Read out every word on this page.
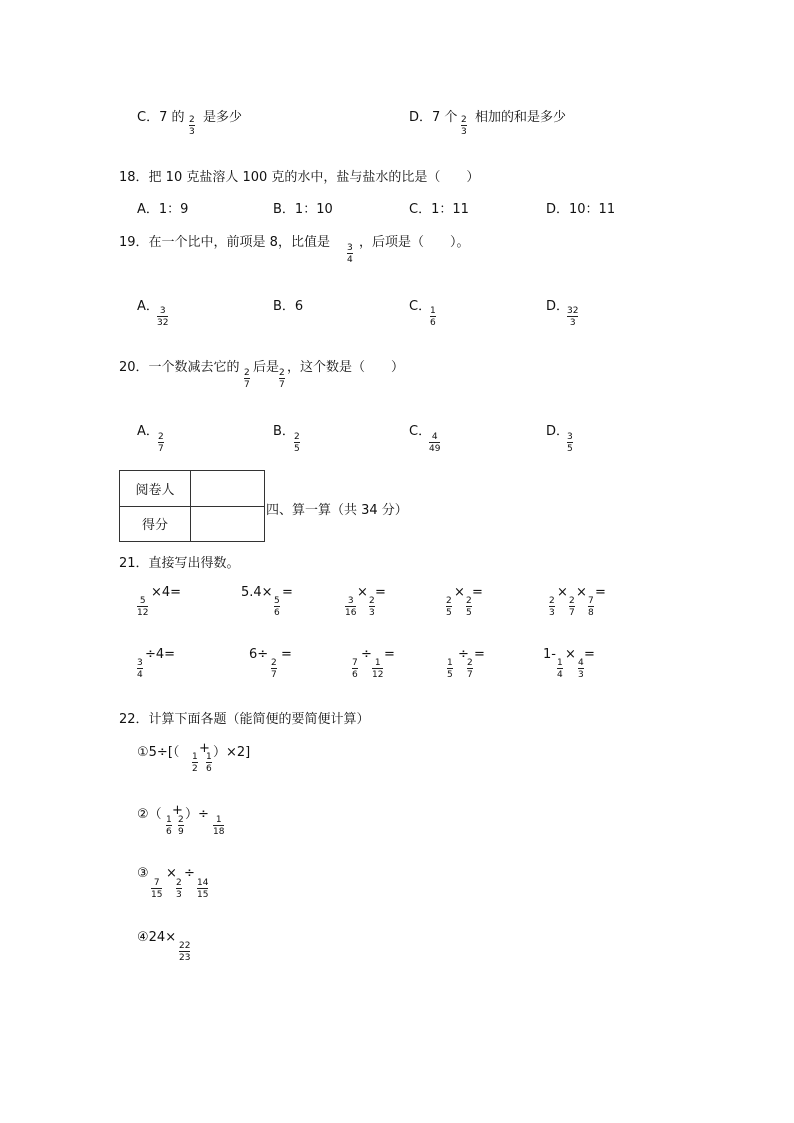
C．7 的 2
3
是多少	D．7 个 2
3
相加的和是多少
18．把 10 克盐溶人 100 克的水中，盐与盐水的比是（　　）
A．1：9	B．1：10	C．1：11	D．10：11
19．在一个比中，前项是 8，比值是 3
4
，后项是（　　）。
A． 3
32
B．6	C．
1
6
D．
32
3
20．一个数减去它的 2
7
后是 2
7
，这个数是（　　）
A． 2
7
B． 2
5
C． 4
49
D．
3
5
阅卷人	
得分	
四、算一算（共 34 分）
21．直接写出得数。
5
12
×4=	5.4×
5
6
=
3
16
×
2
3
=
2
5
×
2
5
=
2
3
×
2
7
×
7
8
=
3
4
÷4=	6÷
2
7
=
7
6
÷
1
12
=
1
5
÷
2
7
=	1-
1
4
×
4
3
=
22．计算下面各题（能简便的要简便计算）
①5÷[（ 1
2
+
1
6
）×2]
②（ 1
6
+
2
9
）÷ 1
18
③
7
15
×
2
3
÷
14
15
④24×
22
23
